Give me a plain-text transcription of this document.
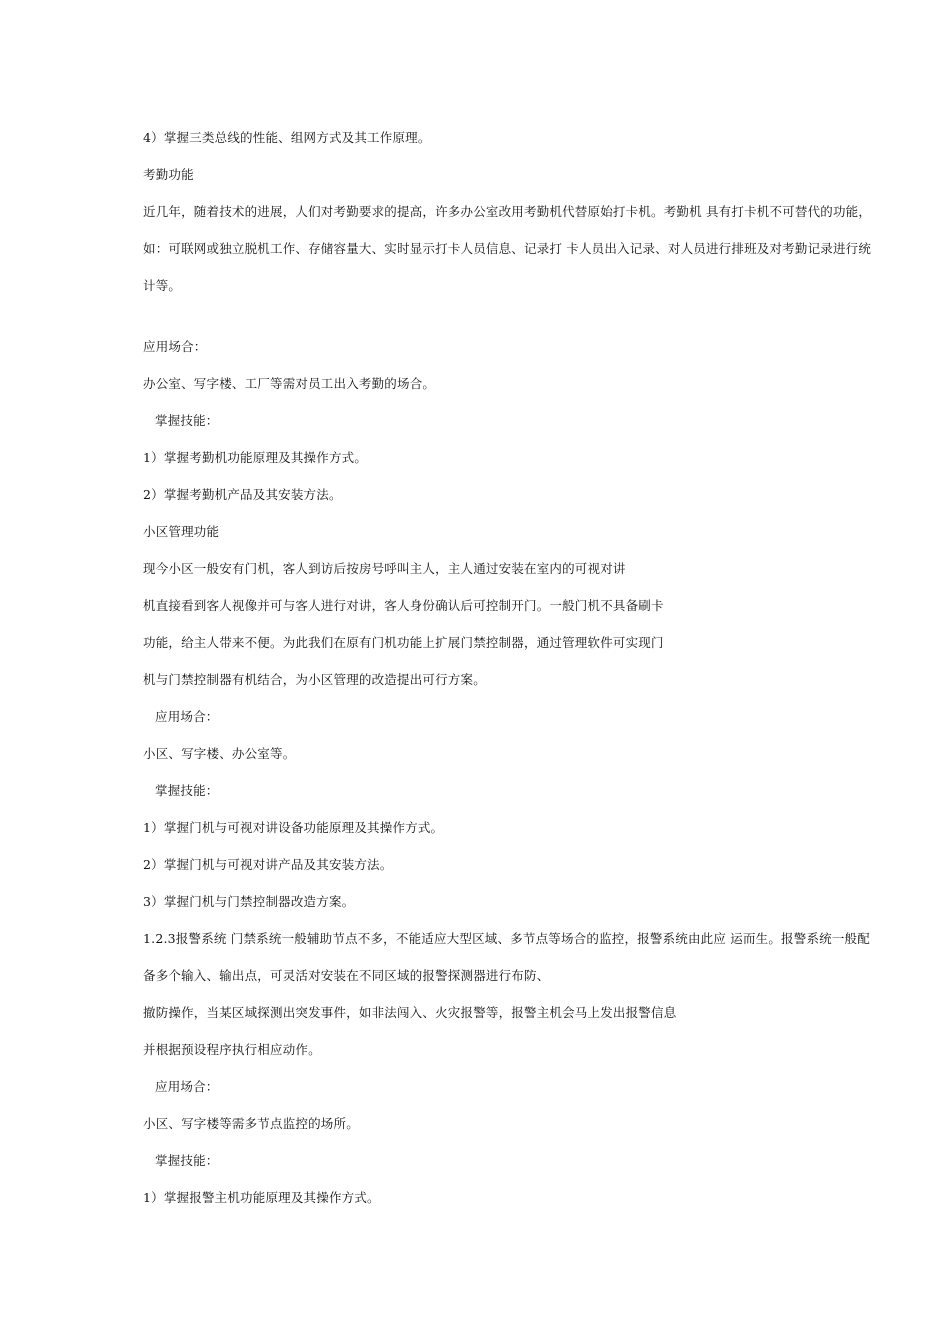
4）掌握三类总线的性能、组网方式及其工作原理。

考勤功能

近几年，随着技术的进展，人们对考勤要求的提高，许多办公室改用考勤机代替原始打卡机。考勤机 具有打卡机不可替代的功能，

如：可联网或独立脱机工作、存储容量大、实时显示打卡人员信息、记录打 卡人员出入记录、对人员进行排班及对考勤记录进行统

计等。

应用场合：

办公室、写字楼、工厂等需对员工出入考勤的场合。

掌握技能：

1）掌握考勤机功能原理及其操作方式。

2）掌握考勤机产品及其安装方法。

小区管理功能

现今小区一般安有门机，客人到访后按房号呼叫主人，主人通过安装在室内的可视对讲

机直接看到客人视像并可与客人进行对讲，客人身份确认后可控制开门。一般门机不具备刷卡

功能，给主人带来不便。为此我们在原有门机功能上扩展门禁控制器，通过管理软件可实现门

机与门禁控制器有机结合，为小区管理的改造提出可行方案。

应用场合：

小区、写字楼、办公室等。

掌握技能：

1）掌握门机与可视对讲设备功能原理及其操作方式。

2）掌握门机与可视对讲产品及其安装方法。

3）掌握门机与门禁控制器改造方案。

1.2.3报警系统 门禁系统一般辅助节点不多，不能适应大型区域、多节点等场合的监控，报警系统由此应 运而生。报警系统一般配

备多个输入、输出点，可灵活对安装在不同区域的报警探测器进行布防、

撤防操作，当某区域探测出突发事件，如非法闯入、火灾报警等，报警主机会马上发出报警信息

并根据预设程序执行相应动作。

应用场合：

小区、写字楼等需多节点监控的场所。

掌握技能：

1）掌握报警主机功能原理及其操作方式。
